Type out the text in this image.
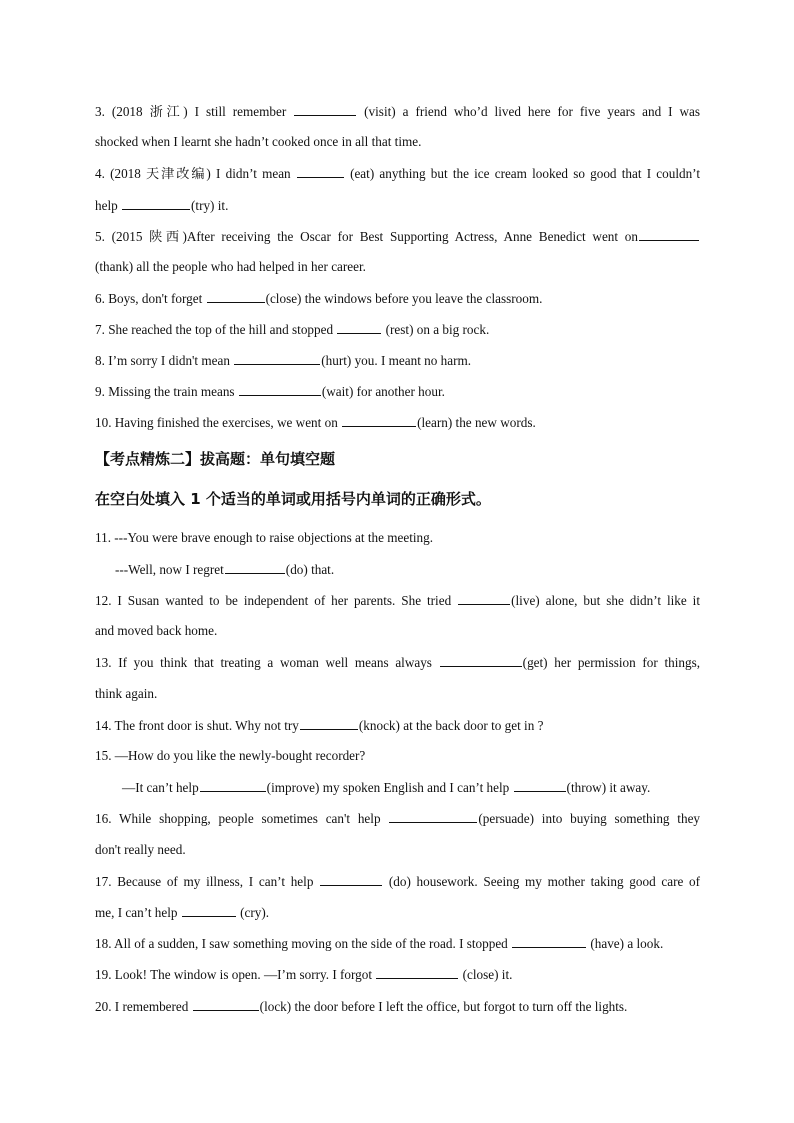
3. (2018 浙江) I still remember	(visit) a friend who’d lived here for five years and I was
shocked when I learnt she hadn’t cooked once in all that time.
4. (2018 天津改编) I didn’t mean	(eat) anything but the ice cream looked so good that I couldn’t
help	(try) it.
5. (2015 陕西)After receiving the Oscar for Best Supporting Actress, Anne Benedict went on
(thank) all the people who had helped in her career.
6. Boys, don't forget	(close) the windows before you leave the classroom.
7. She reached the top of the hill and stopped	(rest) on a big rock.
8. I’m sorry I didn't mean	(hurt) you. I meant no harm.
9. Missing the train means	(wait) for another hour.
10. Having finished the exercises, we went on	(learn) the new words.
【考点精炼二】拔高题：单句填空题
在空白处填入 1 个适当的单词或用括号内单词的正确形式。
11. ---You were brave enough to raise objections at the meeting.
---Well, now I regret	(do) that.
12. I Susan wanted to be independent of her parents. She tried	(live) alone, but she didn’t like it
and moved back home.
13. If you think that treating a woman well means always	(get) her permission for things,
think again.
14. The front door is shut. Why not try	(knock) at the back door to get in ?
15. —How do you like the newly-bought recorder?
—It can’t help	(improve) my spoken English and I can’t help	(throw) it away.
16. While shopping, people sometimes can't help	(persuade) into buying something they
don't really need.
17. Because of my illness, I can’t help	(do) housework. Seeing my mother taking good care of
me, I can’t help	(cry).
18. All of a sudden, I saw something moving on the side of the road. I stopped	(have) a look.
19. Look! The window is open. —I’m sorry. I forgot	(close) it.
20. I remembered	(lock) the door before I left the office, but forgot to turn off the lights.
